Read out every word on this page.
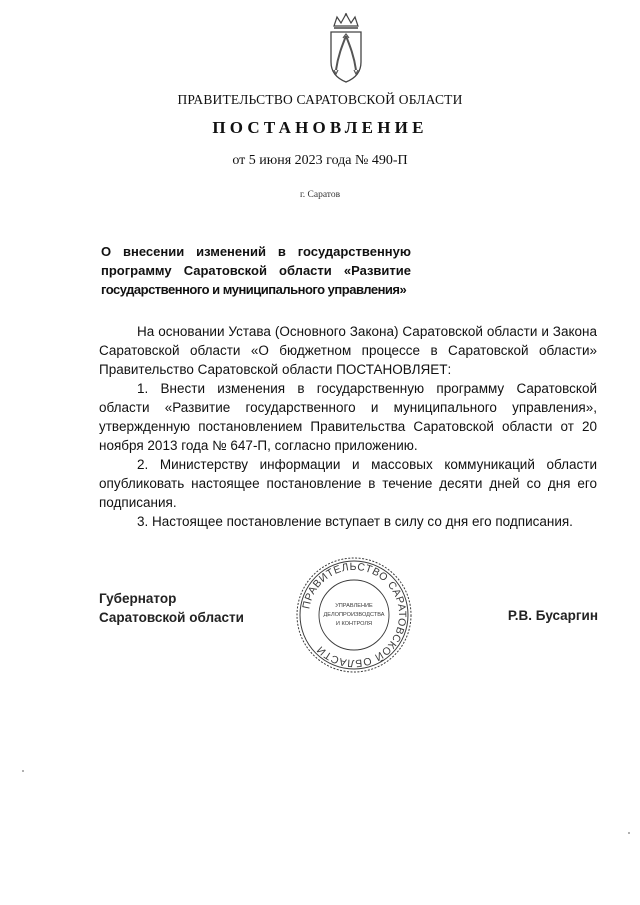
ПРАВИТЕЛЬСТВО САРАТОВСКОЙ ОБЛАСТИ
ПОСТАНОВЛЕНИЕ
от 5 июня 2023 года № 490-П
г. Саратов
О внесении изменений в государственную
программу Саратовской области «Развитие
государственного и муниципального управления»

На основании Устава (Основного Закона) Саратовской области и Закона Саратовской области «О бюджетном процессе в Саратовской области» Правительство Саратовской области ПОСТАНОВЛЯЕТ:

1. Внести изменения в государственную программу Саратовской области «Развитие государственного и муниципального управления», утвержденную постановлением Правительства Саратовской области от 20 ноября 2013 года № 647-П, согласно приложению.

2. Министерству информации и массовых коммуникаций области опубликовать настоящее постановление в течение десяти дней со дня его подписания.

3. Настоящее постановление вступает в силу со дня его подписания.

Губернатор
Саратовской области
ПРАВИТЕЛЬСТВО САРАТОВСКОЙ ОБЛАСТИ
УПРАВЛЕНИЕ
ДЕЛОПРОИЗВОДСТВА
И КОНТРОЛЯ
Р.В. Бусаргин
